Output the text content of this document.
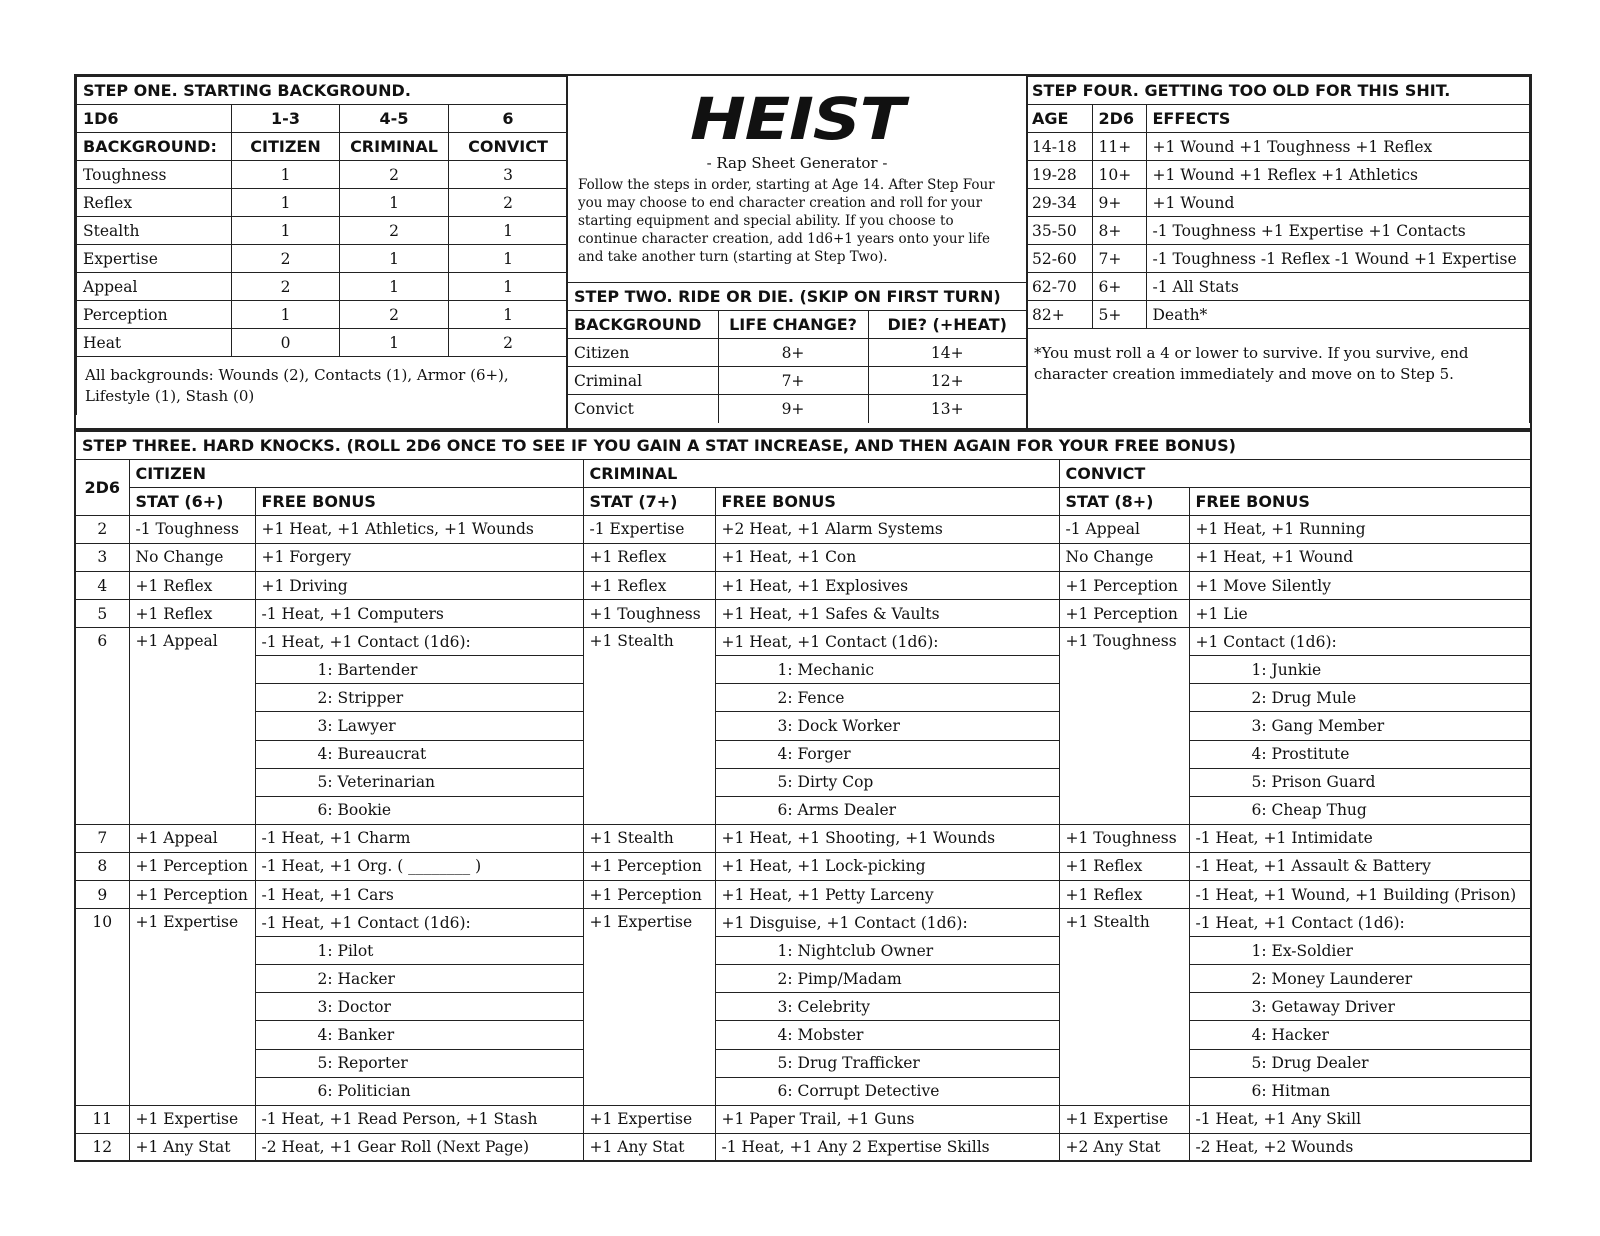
STEP ONE. STARTING BACKGROUND.			
1D6	1-3	4-5	6
BACKGROUND:	CITIZEN	CRIMINAL	CONVICT
Toughness	1	2	3
Reflex	1	1	2
Stealth	1	2	1
Expertise	2	1	1
Appeal	2	1	1
Perception	1	2	1
Heat	0	1	2
All backgrounds: Wounds (2), Contacts (1), Armor (6+), Lifestyle (1), Stash (0)			
HEIST
- Rap Sheet Generator -
Follow the steps in order, starting at Age 14. After Step Four you may choose to end character creation and roll for your starting equipment and special ability. If you choose to continue character creation, add 1d6+1 years onto your life and take another turn (starting at Step Two).
STEP TWO. RIDE OR DIE. (SKIP ON FIRST TURN)		
BACKGROUND	LIFE CHANGE?	DIE? (+HEAT)
Citizen	8+	14+
Criminal	7+	12+
Convict	9+	13+
STEP FOUR. GETTING TOO OLD FOR THIS SHIT.		
AGE	2D6	EFFECTS
14-18	11+	+1 Wound +1 Toughness +1 Reflex
19-28	10+	+1 Wound +1 Reflex +1 Athletics
29-34	9+	+1 Wound
35-50	8+	-1 Toughness +1 Expertise +1 Contacts
52-60	7+	-1 Toughness -1 Reflex -1 Wound +1 Expertise
62-70	6+	-1 All Stats
82+	5+	Death*
*You must roll a 4 or lower to survive. If you survive, end character creation immediately and move on to Step 5.		
STEP THREE. HARD KNOCKS. (ROLL 2D6 ONCE TO SEE IF YOU GAIN A STAT INCREASE, AND THEN AGAIN FOR YOUR FREE BONUS)						
2D6	CITIZEN		CRIMINAL		CONVICT	
	STAT (6+)	FREE BONUS	STAT (7+)	FREE BONUS	STAT (8+)	FREE BONUS
2	-1 Toughness	+1 Heat, +1 Athletics, +1 Wounds	-1 Expertise	+2 Heat, +1 Alarm Systems	-1 Appeal	+1 Heat, +1 Running
3	No Change	+1 Forgery	+1 Reflex	+1 Heat, +1 Con	No Change	+1 Heat, +1 Wound
4	+1 Reflex	+1 Driving	+1 Reflex	+1 Heat, +1 Explosives	+1 Perception	+1 Move Silently
5	+1 Reflex	-1 Heat, +1 Computers	+1 Toughness	+1 Heat, +1 Safes & Vaults	+1 Perception	+1 Lie
6	+1 Appeal	-1 Heat, +1 Contact (1d6):	+1 Stealth	+1 Heat, +1 Contact (1d6):	+1 Toughness	+1 Contact (1d6):
		1: Bartender		1: Mechanic		1: Junkie
		2: Stripper		2: Fence		2: Drug Mule
		3: Lawyer		3: Dock Worker		3: Gang Member
		4: Bureaucrat		4: Forger		4: Prostitute
		5: Veterinarian		5: Dirty Cop		5: Prison Guard
		6: Bookie		6: Arms Dealer		6: Cheap Thug
7	+1 Appeal	-1 Heat, +1 Charm	+1 Stealth	+1 Heat, +1 Shooting, +1 Wounds	+1 Toughness	-1 Heat, +1 Intimidate
8	+1 Perception	-1 Heat, +1 Org. ( ________ )	+1 Perception	+1 Heat, +1 Lock-picking	+1 Reflex	-1 Heat, +1 Assault & Battery
9	+1 Perception	-1 Heat, +1 Cars	+1 Perception	+1 Heat, +1 Petty Larceny	+1 Reflex	-1 Heat, +1 Wound, +1 Building (Prison)
10	+1 Expertise	-1 Heat, +1 Contact (1d6):	+1 Expertise	+1 Disguise, +1 Contact (1d6):	+1 Stealth	-1 Heat, +1 Contact (1d6):
		1: Pilot		1: Nightclub Owner		1: Ex-Soldier
		2: Hacker		2: Pimp/Madam		2: Money Launderer
		3: Doctor		3: Celebrity		3: Getaway Driver
		4: Banker		4: Mobster		4: Hacker
		5: Reporter		5: Drug Trafficker		5: Drug Dealer
		6: Politician		6: Corrupt Detective		6: Hitman
11	+1 Expertise	-1 Heat, +1 Read Person, +1 Stash	+1 Expertise	+1 Paper Trail, +1 Guns	+1 Expertise	-1 Heat, +1 Any Skill
12	+1 Any Stat	-2 Heat, +1 Gear Roll (Next Page)	+1 Any Stat	-1 Heat, +1 Any 2 Expertise Skills	+2 Any Stat	-2 Heat, +2 Wounds
